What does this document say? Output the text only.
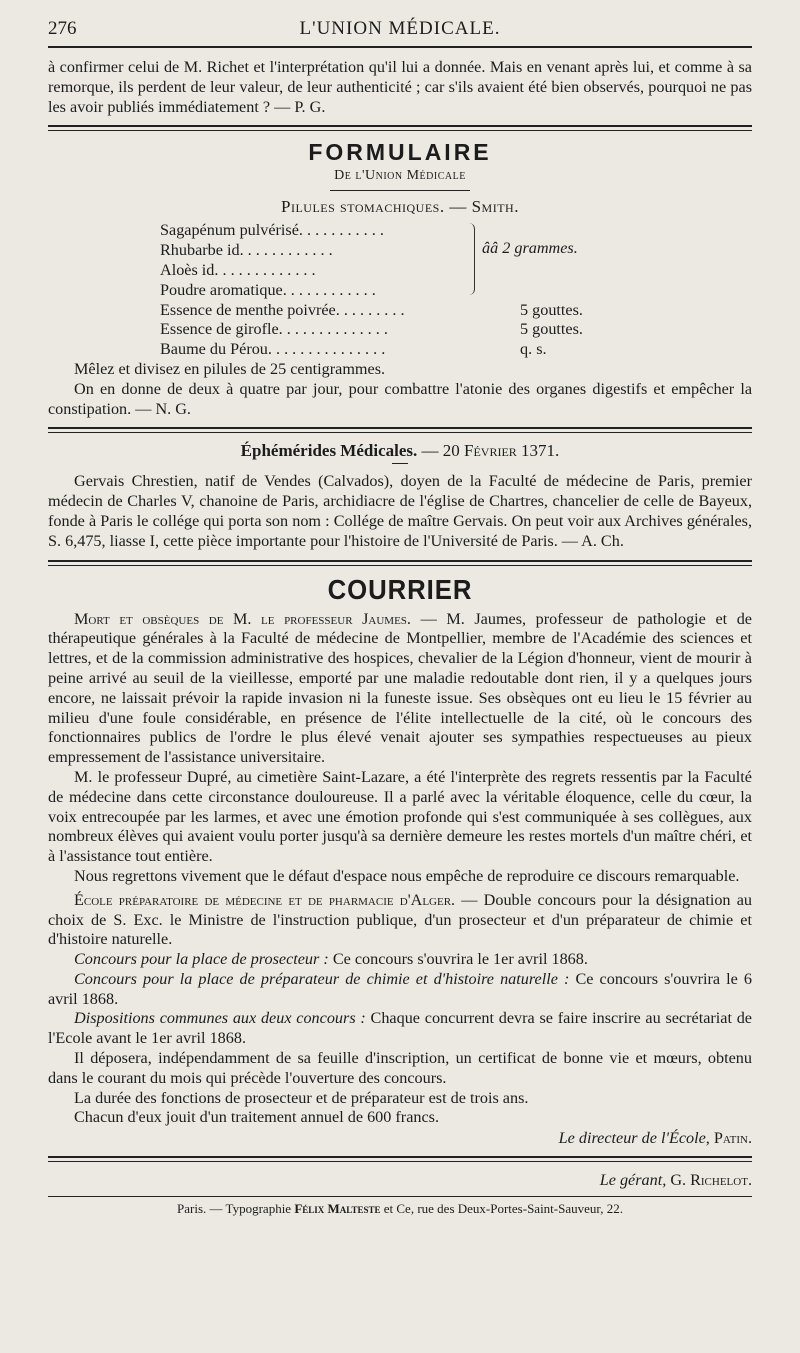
276	L'UNION MÉDICALE.

à confirmer celui de M. Richet et l'interprétation qu'il lui a donnée. Mais en venant après lui, et comme à sa remorque, ils perdent de leur valeur, de leur authenticité ; car s'ils avaient été bien observés, pourquoi ne pas les avoir publiés immédiatement ? — P. G.

FORMULAIRE
De l'Union Médicale
Pilules stomachiques. — Smith.
Sagapénum pulvérisé. . . . . . . . . . .
Rhubarbe id. . . . . . . . . . . .
Aloès id. . . . . . . . . . . . .
Poudre aromatique. . . . . . . . . . . .
ââ 2 grammes.
Essence de menthe poivrée. . . . . . . . .	5 gouttes.
Essence de girofle. . . . . . . . . . . . . .	5 gouttes.
Baume du Pérou. . . . . . . . . . . . . . .	q. s.

Mêlez et divisez en pilules de 25 centigrammes.

On en donne de deux à quatre par jour, pour combattre l'atonie des organes digestifs et empêcher la constipation. — N. G.

Éphémérides Médicales. — 20 Février 1371.

Gervais Chrestien, natif de Vendes (Calvados), doyen de la Faculté de médecine de Paris, premier médecin de Charles V, chanoine de Paris, archidiacre de l'église de Chartres, chancelier de celle de Bayeux, fonde à Paris le collége qui porta son nom : Collége de maître Gervais. On peut voir aux Archives générales, S. 6,475, liasse I, cette pièce importante pour l'histoire de l'Université de Paris. — A. Ch.

COURRIER

Mort et obsèques de M. le professeur Jaumes. — M. Jaumes, professeur de pathologie et de thérapeutique générales à la Faculté de médecine de Montpellier, membre de l'Académie des sciences et lettres, et de la commission administrative des hospices, chevalier de la Légion d'honneur, vient de mourir à peine arrivé au seuil de la vieillesse, emporté par une maladie redoutable dont rien, il y a quelques jours encore, ne laissait prévoir la rapide invasion ni la funeste issue. Ses obsèques ont eu lieu le 15 février au milieu d'une foule considérable, en présence de l'élite intellectuelle de la cité, où le concours des fonctionnaires publics de l'ordre le plus élevé venait ajouter ses sympathies respectueuses au pieux empressement de l'assistance universitaire.

M. le professeur Dupré, au cimetière Saint-Lazare, a été l'interprète des regrets ressentis par la Faculté de médecine dans cette circonstance douloureuse. Il a parlé avec la véritable éloquence, celle du cœur, la voix entrecoupée par les larmes, et avec une émotion profonde qui s'est communiquée à ses collègues, aux nombreux élèves qui avaient voulu porter jusqu'à sa dernière demeure les restes mortels d'un maître chéri, et à l'assistance tout entière.

Nous regrettons vivement que le défaut d'espace nous empêche de reproduire ce discours remarquable.

École préparatoire de médecine et de pharmacie d'Alger. — Double concours pour la désignation au choix de S. Exc. le Ministre de l'instruction publique, d'un prosecteur et d'un préparateur de chimie et d'histoire naturelle.

Concours pour la place de prosecteur : Ce concours s'ouvrira le 1er avril 1868.

Concours pour la place de préparateur de chimie et d'histoire naturelle : Ce concours s'ouvrira le 6 avril 1868.

Dispositions communes aux deux concours : Chaque concurrent devra se faire inscrire au secrétariat de l'Ecole avant le 1er avril 1868.

Il déposera, indépendamment de sa feuille d'inscription, un certificat de bonne vie et mœurs, obtenu dans le courant du mois qui précède l'ouverture des concours.

La durée des fonctions de prosecteur et de préparateur est de trois ans.

Chacun d'eux jouit d'un traitement annuel de 600 francs.

Le directeur de l'École, Patin.
Le gérant, G. Richelot.
Paris. — Typographie Félix Malteste et Ce, rue des Deux-Portes-Saint-Sauveur, 22.
